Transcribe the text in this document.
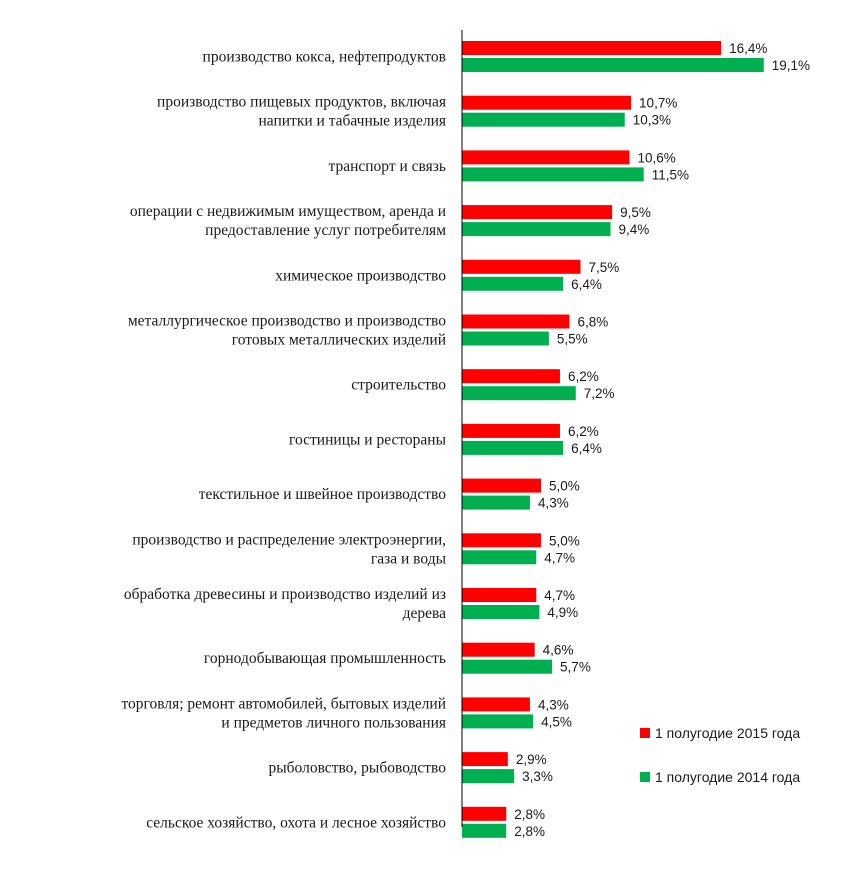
производство кокса, нефтепродуктов
производство пищевых продуктов, включая напитки и табачные изделия
транспорт и связь
операции с недвижимым имуществом, аренда и предоставление услуг потребителям
химическое производство
металлургическое производство и производство готовых металлических изделий
строительство
гостиницы и рестораны
текстильное и швейное производство
производство и распределение электроэнергии, газа и воды
обработка древесины и производство изделий из дерева
горнодобывающая промышленность
торговля; ремонт автомобилей, бытовых изделий и предметов личного пользования
рыболовство, рыбоводство
сельское хозяйство, охота и лесное хозяйство
16,4%
19,1%
10,7%
10,3%
10,6%
11,5%
9,5%
9,4%
7,5%
6,4%
6,8%
5,5%
6,2%
7,2%
6,2%
6,4%
5,0%
4,3%
5,0%
4,7%
4,7%
4,9%
4,6%
5,7%
4,3%
4,5%
2,9%
3,3%
2,8%
2,8%
1 полугодие 2015 года
1 полугодие 2014 года
